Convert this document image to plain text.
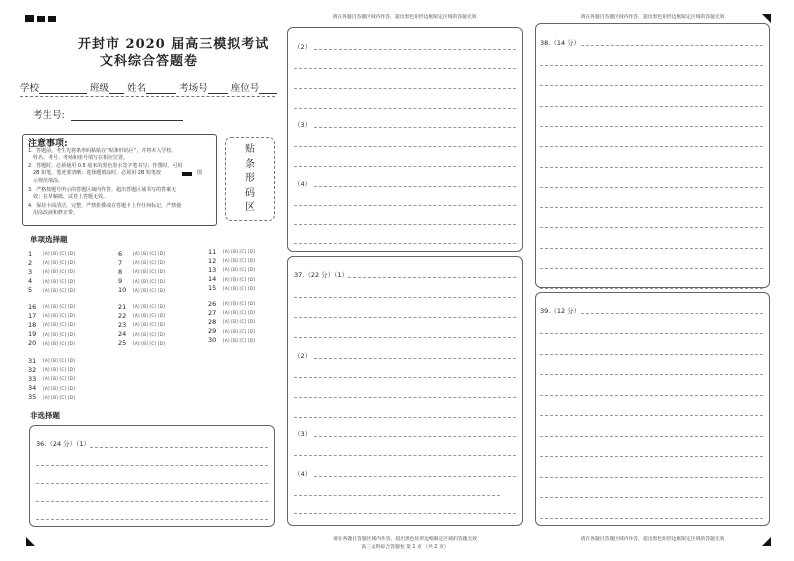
开封市 2020 届高三模拟考试
文科综合答题卷
学校	班级 姓名	考场号 座位号
考生号:
注意事项:
1．答题前，考生先将条形码粘贴在“贴条形码区”，并将本人学校、
姓名、考号、考场和座号填写在相应位置。
2．答题时，必须使用 0.5 毫米的黑色墨水签字笔书写；作图时，可用
2B 铅笔，笔迹要清晰；选择题填涂时，必须用 2B 铅笔按	图
示规范填涂。
3．严格按题号所示的答题区域内作答，超出答题区域书写的答案无
效；在草稿纸、试卷上答题无效。
4．保持卡面清洁，完整，严禁折叠或在答题卡上作任何标记，严禁使
用涂改液和修正带。
贴
条
形
码
区
单项选择题
1	[A] [B] [C] [D]
2	[A] [B] [C] [D]
3	[A] [B] [C] [D]
4	[A] [B] [C] [D]
5	[A] [B] [C] [D]
6	[A] [B] [C] [D]
7	[A] [B] [C] [D]
8	[A] [B] [C] [D]
9	[A] [B] [C] [D]
10	[A] [B] [C] [D]
11	[A] [B] [C] [D]
12	[A] [B] [C] [D]
13	[A] [B] [C] [D]
14	[A] [B] [C] [D]
15	[A] [B] [C] [D]
16	[A] [B] [C] [D]
17	[A] [B] [C] [D]
18	[A] [B] [C] [D]
19	[A] [B] [C] [D]
20	[A] [B] [C] [D]
21	[A] [B] [C] [D]
22	[A] [B] [C] [D]
23	[A] [B] [C] [D]
24	[A] [B] [C] [D]
25	[A] [B] [C] [D]
26	[A] [B] [C] [D]
27	[A] [B] [C] [D]
28	[A] [B] [C] [D]
29	[A] [B] [C] [D]
30	[A] [B] [C] [D]
31	[A] [B] [C] [D]
32	[A] [B] [C] [D]
33	[A] [B] [C] [D]
34	[A] [B] [C] [D]
35	[A] [B] [C] [D]
非选择题
36.（24 分）（1）
请在各题目答题区域内作答，超出黑色矩形边框限定区域的答题无效
（2）
（3）
（4）
37.（22 分）（1）
（2）
（3）
（4）
请在各题目答题区域内作答，超出黑色矩形边框限定区域的答题无效
高三文科综合答题卷 第 1 页 （共 2 页）
请在各题目答题区域内作答，超出黑色矩形边框限定区域的答题无效
38.（14 分）
39.（12 分）
请在各题目答题区域内作答，超出黑色矩形边框限定区域的答题无效
